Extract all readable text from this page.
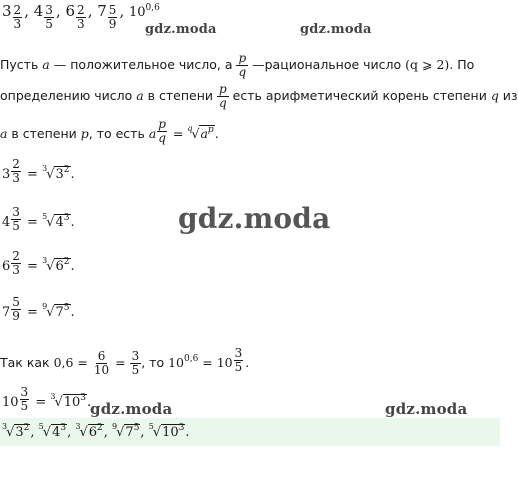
$3 \frac{2}{3}$ , $4 \frac{3}{5}$ , $6 \frac{2}{3}$ , $7 \frac{5}{9}$ , 10$^{0,6}$
gdz.moda	gdz.moda
Пусть a — положительное число, а $\frac{p}{q}$ —рациональное число (q ⩾ 2). По
определению число a в степени $\frac{p}{q}$ есть арифметический корень степени q из
a в степени p, то есть a $\frac{p}{q} = ^q√a^p$.
$3 \frac{2}{3} = ^3√3^2$.
$4 \frac{3}{5} = ^5√4^3$.
$6 \frac{2}{3} = ^3√6^2$.
$7 \frac{5}{9} = ^9√7^5$.
gdz.moda
Так как $0,6 = \frac{6}{10} = \frac{3}{5}$ , то $10^{0,6} = 10 \frac{3}{5}$ .
$10 \frac{3}{5} = ^3√10^3$.
gdz.moda	gdz.moda
$^3√3^2$, $^5√4^3$, $^3√6^2$, $^9√7^5$, $^5√10^3$.
